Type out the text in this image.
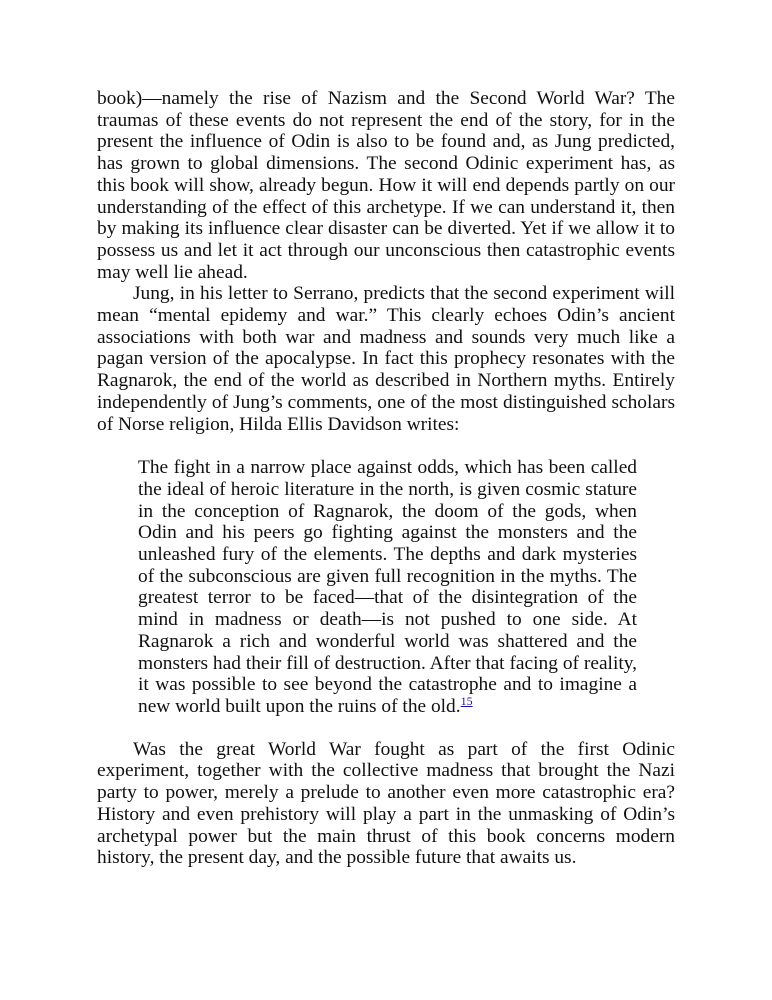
book)—namely the rise of Nazism and the Second World War? The traumas of these events do not represent the end of the story, for in the present the influence of Odin is also to be found and, as Jung predicted, has grown to global dimensions. The second Odinic experiment has, as this book will show, already begun. How it will end depends partly on our understanding of the effect of this archetype. If we can understand it, then by making its influence clear disaster can be diverted. Yet if we allow it to possess us and let it act through our unconscious then catastrophic events may well lie ahead.

Jung, in his letter to Serrano, predicts that the second experiment will mean “mental epidemy and war.” This clearly echoes Odin’s ancient associations with both war and madness and sounds very much like a pagan version of the apocalypse. In fact this prophecy resonates with the Ragnarok, the end of the world as described in Northern myths. Entirely independently of Jung’s comments, one of the most distinguished scholars of Norse religion, Hilda Ellis Davidson writes:

The fight in a narrow place against odds, which has been called the ideal of heroic literature in the north, is given cosmic stature in the conception of Ragnarok, the doom of the gods, when Odin and his peers go fighting against the monsters and the unleashed fury of the elements. The depths and dark mysteries of the subconscious are given full recognition in the myths. The greatest terror to be faced—that of the disintegration of the mind in madness or death—is not pushed to one side. At Ragnarok a rich and wonderful world was shattered and the monsters had their fill of destruction. After that facing of reality, it was possible to see beyond the catastrophe and to imagine a new world built upon the ruins of the old.$^{15}$

Was the great World War fought as part of the first Odinic experiment, together with the collective madness that brought the Nazi party to power, merely a prelude to another even more catastrophic era? History and even prehistory will play a part in the unmasking of Odin’s archetypal power but the main thrust of this book concerns modern history, the present day, and the possible future that awaits us.
